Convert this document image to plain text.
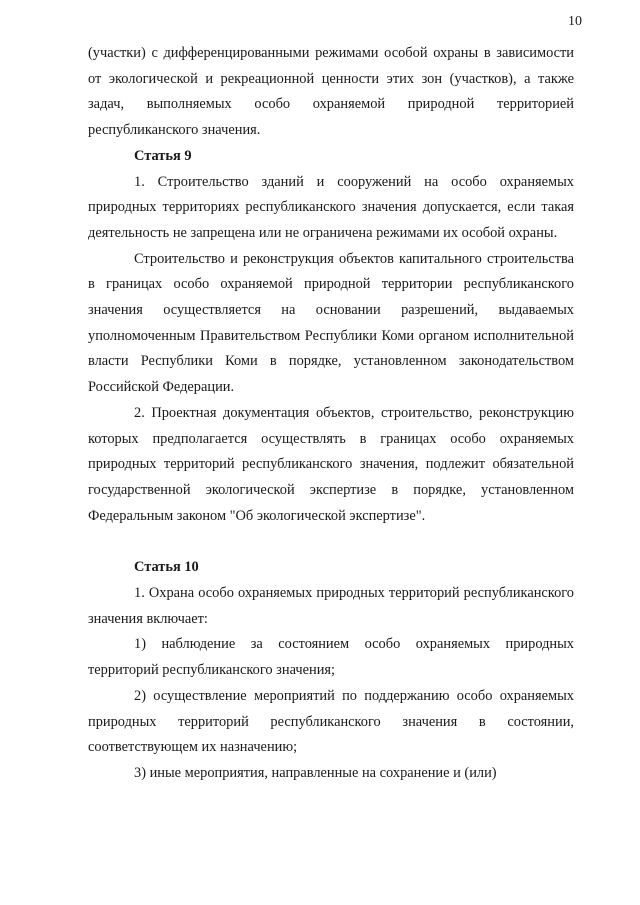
10

(участки) с дифференцированными режимами особой охраны в зависимости от экологической и рекреационной ценности этих зон (участков), а также задач, выполняемых особо охраняемой природной территорией республиканского значения.

Статья 9

1. Строительство зданий и сооружений на особо охраняемых природных территориях республиканского значения допускается, если такая деятельность не запрещена или не ограничена режимами их особой охраны.

Строительство и реконструкция объектов капитального строительства в границах особо охраняемой природной территории республиканского значения осуществляется на основании разрешений, выдаваемых уполномоченным Правительством Республики Коми органом исполнительной власти Республики Коми в порядке, установленном законодательством Российской Федерации.

2. Проектная документация объектов, строительство, реконструкцию которых предполагается осуществлять в границах особо охраняемых природных территорий республиканского значения, подлежит обязательной государственной экологической экспертизе в порядке, установленном Федеральным законом "Об экологической экспертизе".

Статья 10

1. Охрана особо охраняемых природных территорий республиканского значения включает:

1) наблюдение за состоянием особо охраняемых природных территорий республиканского значения;

2) осуществление мероприятий по поддержанию особо охраняемых природных территорий республиканского значения в состоянии, соответствующем их назначению;

3) иные мероприятия, направленные на сохранение и (или)
